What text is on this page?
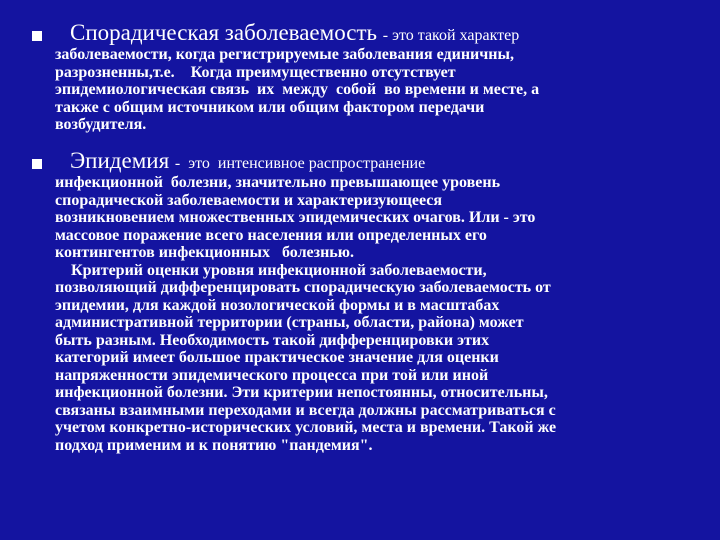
Спорадическая заболеваемость - это такой характер
заболеваемости, когда регистрируемые заболевания единичны,
разрозненны,т.е.    Когда преимущественно отсутствует
эпидемиологическая связь  их  между  собой  во времени и месте, а
также с общим источником или общим фактором передачи
возбудителя.
Эпидемия -  это  интенсивное распространение
инфекционной  болезни, значительно превышающее уровень
спорадической заболеваемости и характеризующееся
возникновением множественных эпидемических очагов. Или - это
массовое поражение всего населения или определенных его
контингентов инфекционных   болезнью.
Критерий оценки уровня инфекционной заболеваемости,
позволяющий дифференцировать спорадическую заболеваемость от
эпидемии, для каждой нозологической формы и в масштабах
административной территории (страны, области, района) может
быть разным. Необходимость такой дифференцировки этих
категорий имеет большое практическое значение для оценки
напряженности эпидемического процесса при той или иной
инфекционной болезни. Эти критерии непостоянны, относительны,
связаны взаимными переходами и всегда должны рассматриваться с
учетом конкретно-исторических условий, места и времени. Такой же
подход применим и к понятию "пандемия".
